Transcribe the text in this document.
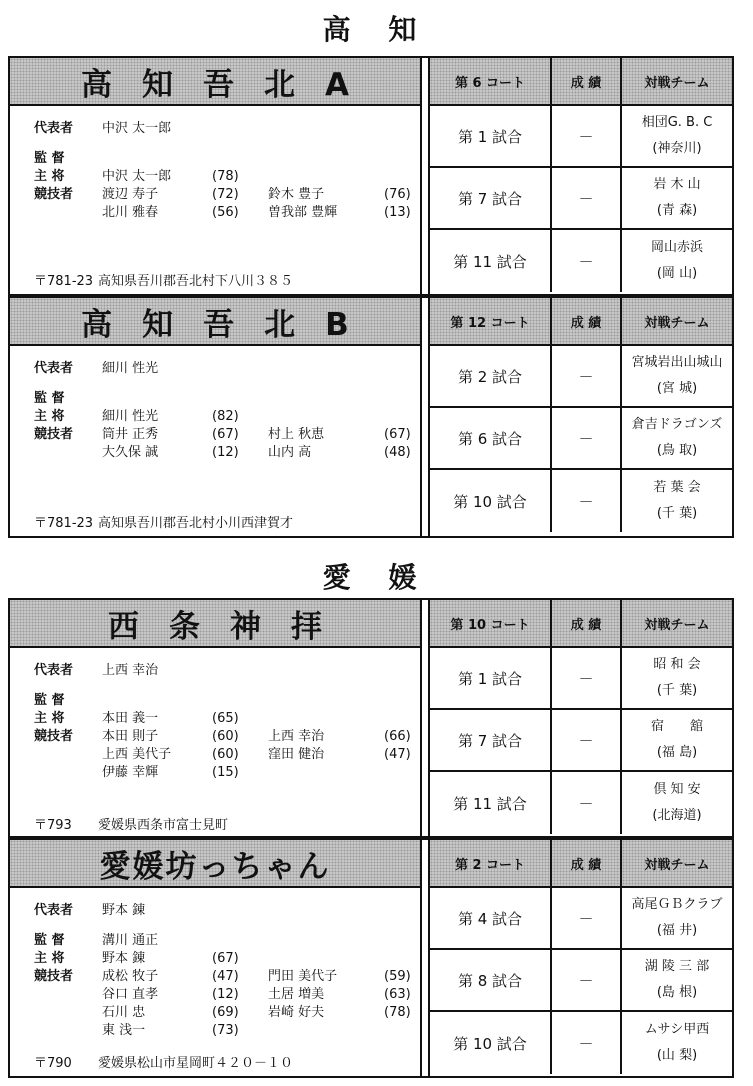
高 知
高知吾北A
代表者 中沢 太一郎
監 督
主 将	中沢 太一郎	(78)
競技者 渡辺 寿子	(72) 鈴木 豊子	(76)
北川 雅春	(56) 曽我部 豊輝	(13)
〒781-23 高知県吾川郡吾北村下八川３８５
第 6 コート	成 績	対戦チーム
第 1 試合	－
相団G. B. C
(神奈川)
第 7 試合	－
岩 木 山
(青 森)
第 11 試合	－
岡山赤浜
(岡 山)
高知吾北B
代表者 細川 性光
監 督
主 将	細川 性光	(82)
競技者 筒井 正秀	(67) 村上 秋恵	(67)
大久保 誠	(12) 山内 高	(48)
〒781-23 高知県吾川郡吾北村小川西津賀才
第 12 コート	成 績	対戦チーム
第 2 試合	－
宮城岩出山城山
(宮 城)
第 6 試合	－
倉吉ドラゴンズ
(鳥 取)
第 10 試合	－
若 葉 会
(千 葉)
愛 媛
西条神拝
代表者 上西 幸治
監 督
主 将	本田 義一	(65)
競技者 本田 則子	(60) 上西 幸治	(66)
上西 美代子	(60) 窪田 健治	(47)
伊藤 幸輝	(15)
〒793 愛媛県西条市富士見町
第 10 コート	成 績	対戦チーム
第 1 試合	－
昭 和 会
(千 葉)
第 7 試合	－
宿　　舘
(福 島)
第 11 試合	－
倶 知 安
(北海道)
愛媛坊っちゃん
代表者 野本 錬
監 督	溝川 通正
主 将	野本 錬	(67)
競技者 成松 牧子	(47) 門田 美代子	(59)
谷口 直孝	(12) 土居 増美	(63)
石川 忠	(69) 岩崎 好夫	(78)
東 浅一	(73)
〒790 愛媛県松山市星岡町４２０－１０
第 2 コート	成 績	対戦チーム
第 4 試合	－
高尾ＧＢクラブ
(福 井)
第 8 試合	－
湖 陵 三 部
(島 根)
第 10 試合	－
ムサシ甲西
(山 梨)
